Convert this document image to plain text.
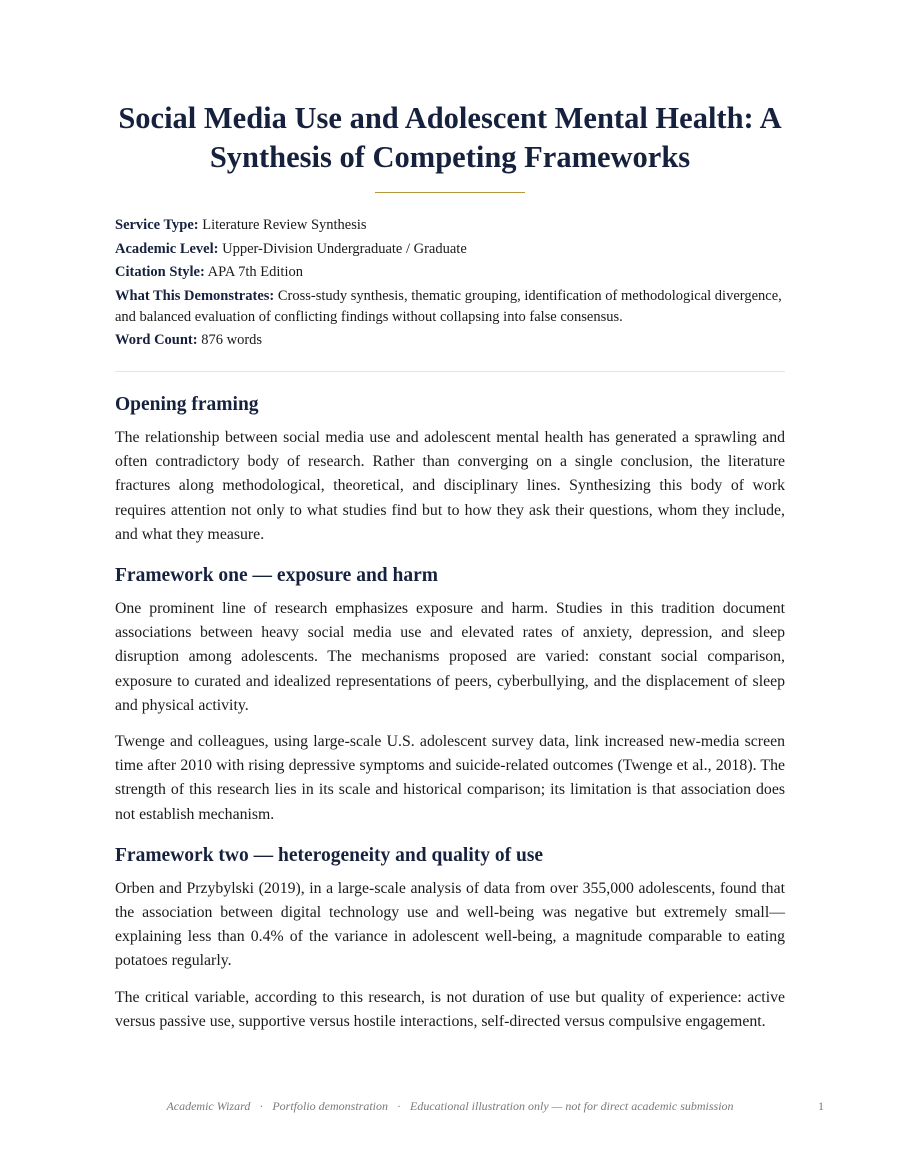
Social Media Use and Adolescent Mental Health: A Synthesis of Competing Frameworks
Service Type: Literature Review Synthesis
Academic Level: Upper-Division Undergraduate / Graduate
Citation Style: APA 7th Edition
What This Demonstrates: Cross-study synthesis, thematic grouping, identification of methodological divergence, and balanced evaluation of conflicting findings without collapsing into false consensus.
Word Count: 876 words
Opening framing

The relationship between social media use and adolescent mental health has generated a sprawling and often contradictory body of research. Rather than converging on a single conclusion, the literature fractures along methodological, theoretical, and disciplinary lines. Synthesizing this body of work requires attention not only to what studies find but to how they ask their questions, whom they include, and what they measure.

Framework one — exposure and harm

One prominent line of research emphasizes exposure and harm. Studies in this tradition document associations between heavy social media use and elevated rates of anxiety, depression, and sleep disruption among adolescents. The mechanisms proposed are varied: constant social comparison, exposure to curated and idealized representations of peers, cyberbullying, and the displacement of sleep and physical activity.

Twenge and colleagues, using large-scale U.S. adolescent survey data, link increased new-media screen time after 2010 with rising depressive symptoms and suicide-related outcomes (Twenge et al., 2018). The strength of this research lies in its scale and historical comparison; its limitation is that association does not establish mechanism.

Framework two — heterogeneity and quality of use

Orben and Przybylski (2019), in a large-scale analysis of data from over 355,000 adolescents, found that the association between digital technology use and well-being was negative but extremely small—explaining less than 0.4% of the variance in adolescent well-being, a magnitude comparable to eating potatoes regularly.

The critical variable, according to this research, is not duration of use but quality of experience: active versus passive use, supportive versus hostile interactions, self-directed versus compulsive engagement.

Academic Wizard · Portfolio demonstration · Educational illustration only — not for direct academic submission	1
